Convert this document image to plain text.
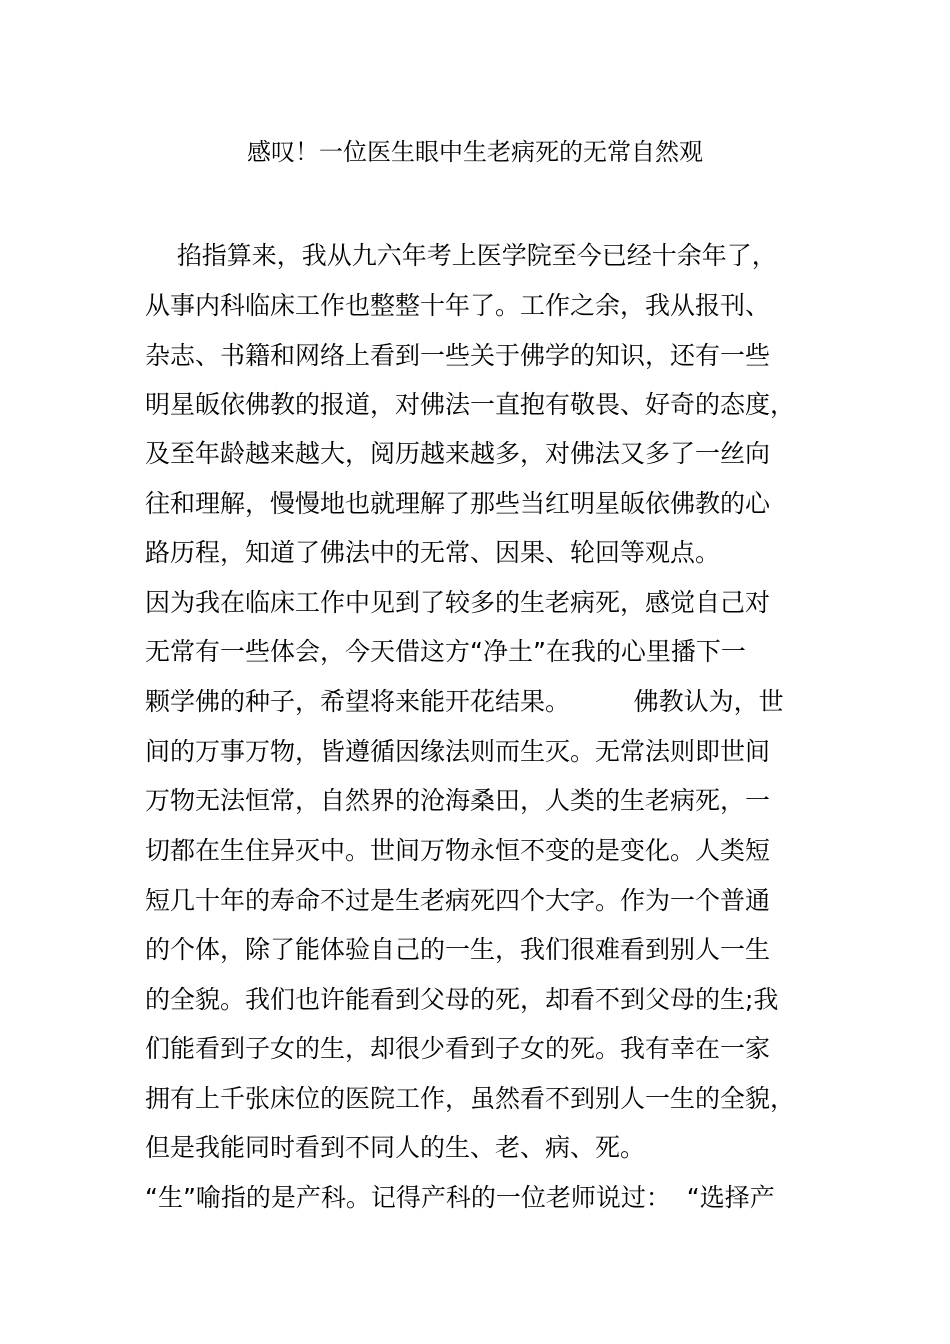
感叹！一位医生眼中生老病死的无常自然观
掐指算来，我从九六年考上医学院至今已经十余年了，
从事内科临床工作也整整十年了。工作之余，我从报刊、
杂志、书籍和网络上看到一些关于佛学的知识，还有一些
明星皈依佛教的报道，对佛法一直抱有敬畏、好奇的态度，
及至年龄越来越大，阅历越来越多，对佛法又多了一丝向
往和理解，慢慢地也就理解了那些当红明星皈依佛教的心
路历程，知道了佛法中的无常、因果、轮回等观点。
因为我在临床工作中见到了较多的生老病死，感觉自己对
无常有一些体会，今天借这方“净土”在我的心里播下一
颗学佛的种子，希望将来能开花结果。        佛教认为，世
间的万事万物，皆遵循因缘法则而生灭。无常法则即世间
万物无法恒常，自然界的沧海桑田，人类的生老病死，一
切都在生住异灭中。世间万物永恒不变的是变化。人类短
短几十年的寿命不过是生老病死四个大字。作为一个普通
的个体，除了能体验自己的一生，我们很难看到别人一生
的全貌。我们也许能看到父母的死，却看不到父母的生;我
们能看到子女的生，却很少看到子女的死。我有幸在一家
拥有上千张床位的医院工作，虽然看不到别人一生的全貌，
但是我能同时看到不同人的生、老、病、死。
“生”喻指的是产科。记得产科的一位老师说过：  “选择产
